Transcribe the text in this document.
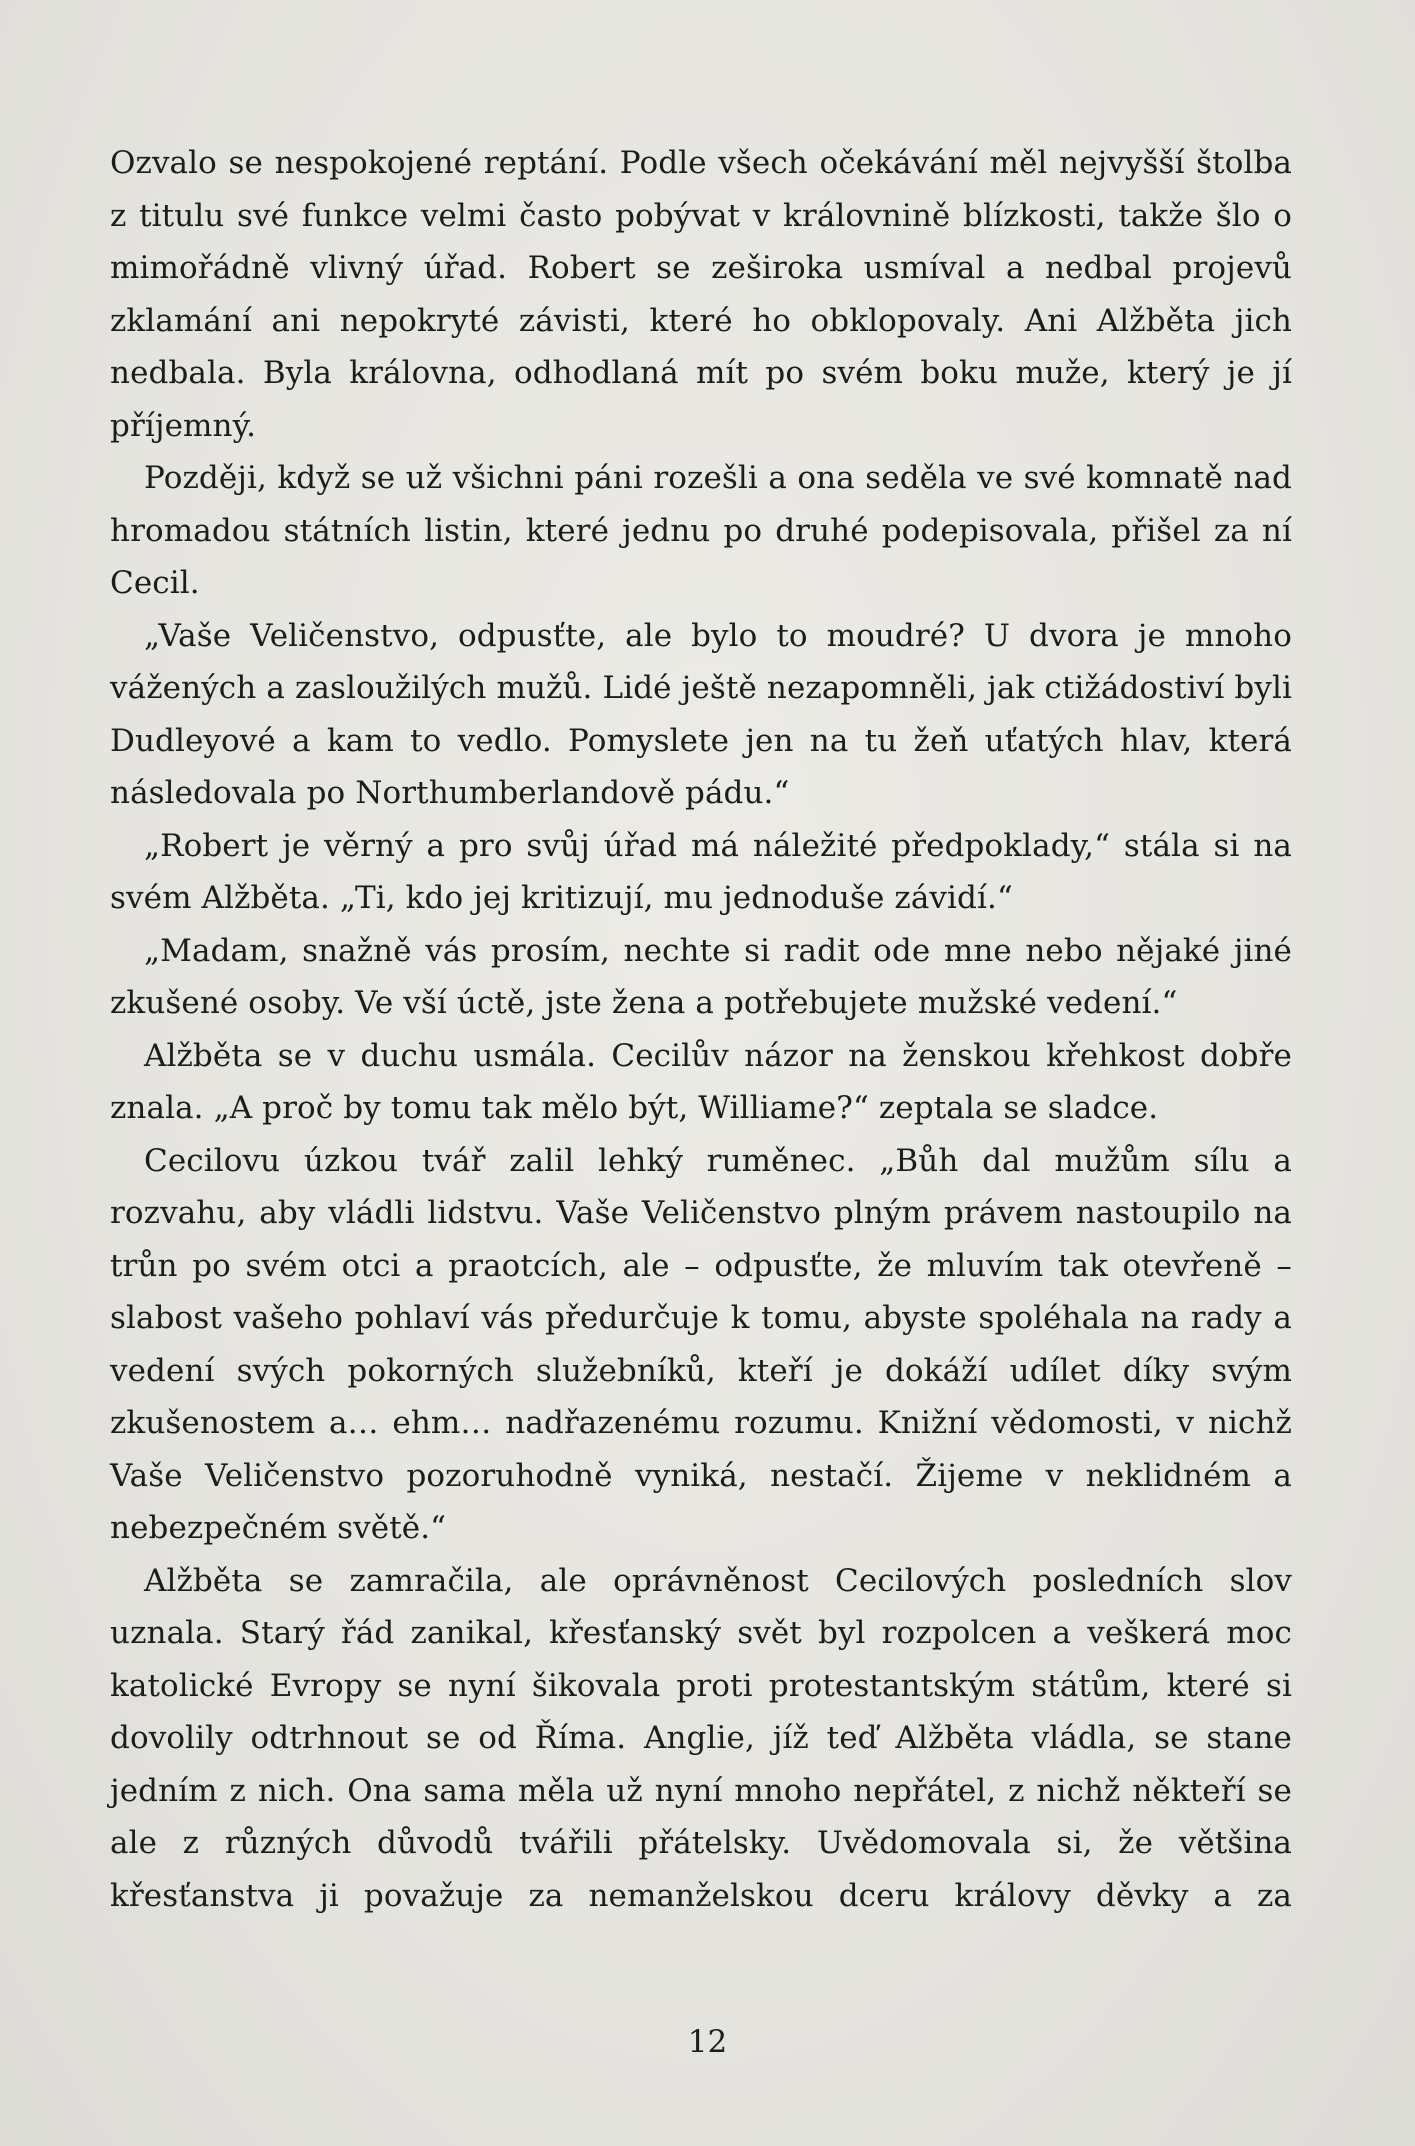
Ozvalo se nespokojené reptání. Podle všech očekávání měl nejvyšší štolba z titulu své funkce velmi často pobývat v královnině blízkosti, takže šlo o mimořádně vlivný úřad. Robert se zeširoka usmíval a nedbal projevů zklamání ani nepokryté závisti, které ho obklopovaly. Ani Alžběta jich nedbala. Byla královna, odhodlaná mít po svém boku muže, který je jí příjemný.

Později, když se už všichni páni rozešli a ona seděla ve své komnatě nad hromadou státních listin, které jednu po druhé podepisovala, přišel za ní Cecil.

„Vaše Veličenstvo, odpusťte, ale bylo to moudré? U dvora je mnoho vážených a zasloužilých mužů. Lidé ještě nezapomněli, jak ctižádostiví byli Dudleyové a kam to vedlo. Pomyslete jen na tu žeň uťatých hlav, která následovala po Northumberlandově pádu.“

„Robert je věrný a pro svůj úřad má náležité předpoklady,“ stála si na svém Alžběta. „Ti, kdo jej kritizují, mu jednoduše závidí.“

„Madam, snažně vás prosím, nechte si radit ode mne nebo nějaké jiné zkušené osoby. Ve vší úctě, jste žena a potřebujete mužské vedení.“

Alžběta se v duchu usmála. Cecilův názor na ženskou křehkost dobře znala. „A proč by tomu tak mělo být, Williame?“ zeptala se sladce.

Cecilovu úzkou tvář zalil lehký ruměnec. „Bůh dal mužům sílu a rozvahu, aby vládli lidstvu. Vaše Veličenstvo plným právem nastoupilo na trůn po svém otci a praotcích, ale – odpusťte, že mluvím tak otevřeně – slabost vašeho pohlaví vás předurčuje k tomu, abyste spoléhala na rady a vedení svých pokorných služebníků, kteří je dokáží udílet díky svým zkušenostem a… ehm… nadřazenému rozumu. Knižní vědomosti, v nichž Vaše Veličenstvo pozoruhodně vyniká, nestačí. Žijeme v neklidném a nebezpečném světě.“

Alžběta se zamračila, ale oprávněnost Cecilových posledních slov uznala. Starý řád zanikal, křesťanský svět byl rozpolcen a veškerá moc katolické Evropy se nyní šikovala proti protestantským státům, které si dovolily odtrhnout se od Říma. Anglie, jíž teď Alžběta vládla, se stane jedním z nich. Ona sama měla už nyní mnoho nepřátel, z nichž někteří se ale z různých důvodů tvářili přátelsky. Uvědomovala si, že většina křesťanstva ji považuje za nemanželskou dceru královy děvky a za

12
